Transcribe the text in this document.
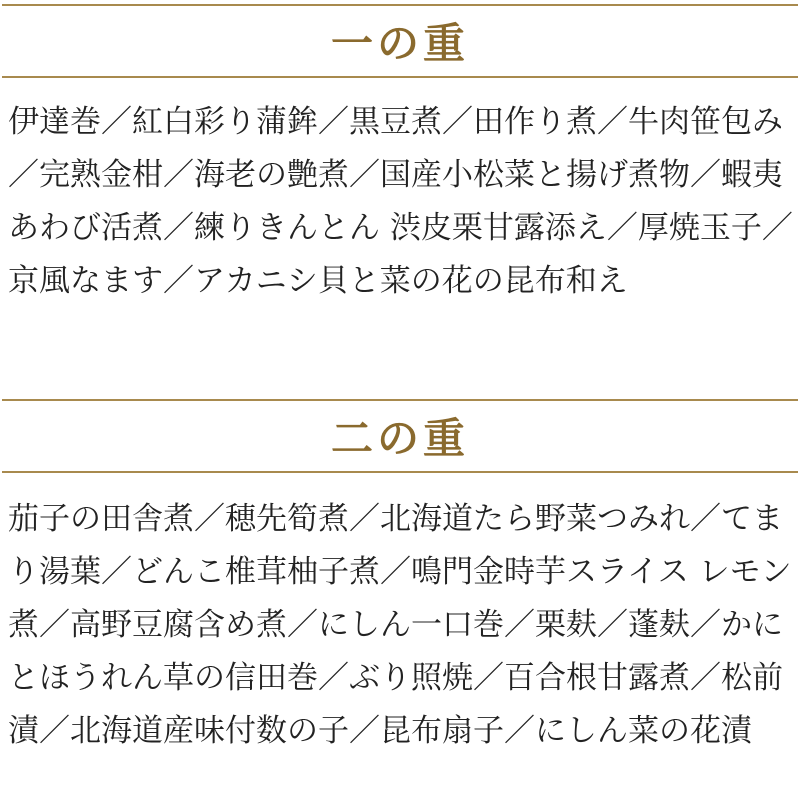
一の重

伊達巻／紅白彩り蒲鉾／黒豆煮／田作り煮／牛肉笹包み／完熟金柑／海老の艶煮／国産小松菜と揚げ煮物／蝦夷あわび活煮／練りきんとん 渋皮栗甘露添え／厚焼玉子／京風なます／アカニシ貝と菜の花の昆布和え

二の重

茄子の田舎煮／穂先筍煮／北海道たら野菜つみれ／てまり湯葉／どんこ椎茸柚子煮／鳴門金時芋スライス レモン煮／高野豆腐含め煮／にしん一口巻／栗麸／蓬麸／かにとほうれん草の信田巻／ぶり照焼／百合根甘露煮／松前漬／北海道産味付数の子／昆布扇子／にしん菜の花漬
